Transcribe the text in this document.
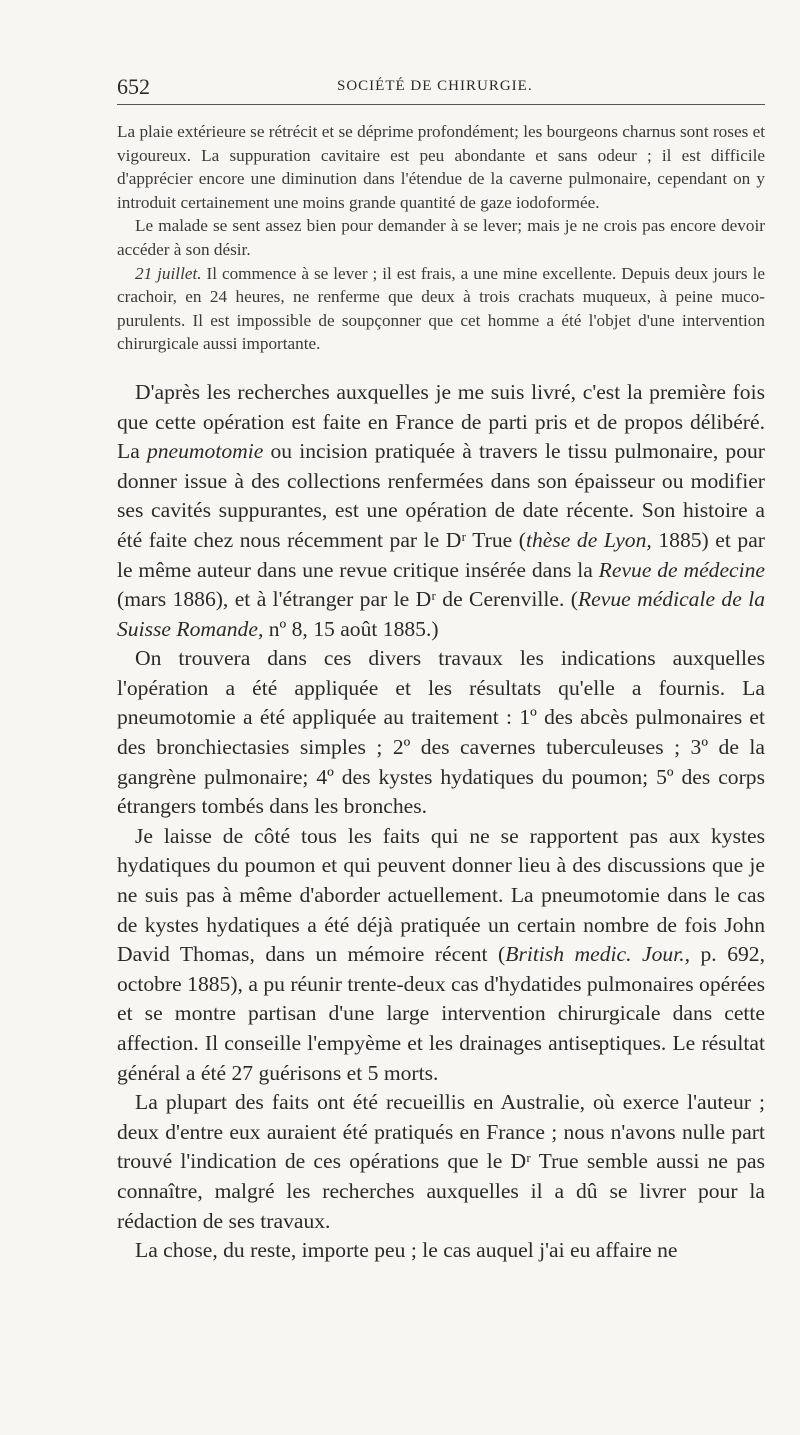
652	SOCIÉTÉ DE CHIRURGIE.

La plaie extérieure se rétrécit et se déprime profondément; les bourgeons charnus sont roses et vigoureux. La suppuration cavitaire est peu abondante et sans odeur ; il est difficile d'apprécier encore une diminution dans l'étendue de la caverne pulmonaire, cependant on y introduit certainement une moins grande quantité de gaze iodoformée.

Le malade se sent assez bien pour demander à se lever; mais je ne crois pas encore devoir accéder à son désir.

21 juillet. Il commence à se lever ; il est frais, a une mine excellente. Depuis deux jours le crachoir, en 24 heures, ne renferme que deux à trois crachats muqueux, à peine muco-purulents. Il est impossible de soupçonner que cet homme a été l'objet d'une intervention chirurgicale aussi importante.

D'après les recherches auxquelles je me suis livré, c'est la première fois que cette opération est faite en France de parti pris et de propos délibéré. La pneumotomie ou incision pratiquée à travers le tissu pulmonaire, pour donner issue à des collections renfermées dans son épaisseur ou modifier ses cavités suppurantes, est une opération de date récente. Son histoire a été faite chez nous récemment par le Dʳ True (thèse de Lyon, 1885) et par le même auteur dans une revue critique insérée dans la Revue de médecine (mars 1886), et à l'étranger par le Dʳ de Cerenville. (Revue médicale de la Suisse Romande, nº 8, 15 août 1885.)

On trouvera dans ces divers travaux les indications auxquelles l'opération a été appliquée et les résultats qu'elle a fournis. La pneumotomie a été appliquée au traitement : 1º des abcès pulmonaires et des bronchiectasies simples ; 2º des cavernes tuberculeuses ; 3º de la gangrène pulmonaire; 4º des kystes hydatiques du poumon; 5º des corps étrangers tombés dans les bronches.

Je laisse de côté tous les faits qui ne se rapportent pas aux kystes hydatiques du poumon et qui peuvent donner lieu à des discussions que je ne suis pas à même d'aborder actuellement. La pneumotomie dans le cas de kystes hydatiques a été déjà pratiquée un certain nombre de fois John David Thomas, dans un mémoire récent (British medic. Jour., p. 692, octobre 1885), a pu réunir trente-deux cas d'hydatides pulmonaires opérées et se montre partisan d'une large intervention chirurgicale dans cette affection. Il conseille l'empyème et les drainages antiseptiques. Le résultat général a été 27 guérisons et 5 morts.

La plupart des faits ont été recueillis en Australie, où exerce l'auteur ; deux d'entre eux auraient été pratiqués en France ; nous n'avons nulle part trouvé l'indication de ces opérations que le Dʳ True semble aussi ne pas connaître, malgré les recherches auxquelles il a dû se livrer pour la rédaction de ses travaux.

La chose, du reste, importe peu ; le cas auquel j'ai eu affaire ne
